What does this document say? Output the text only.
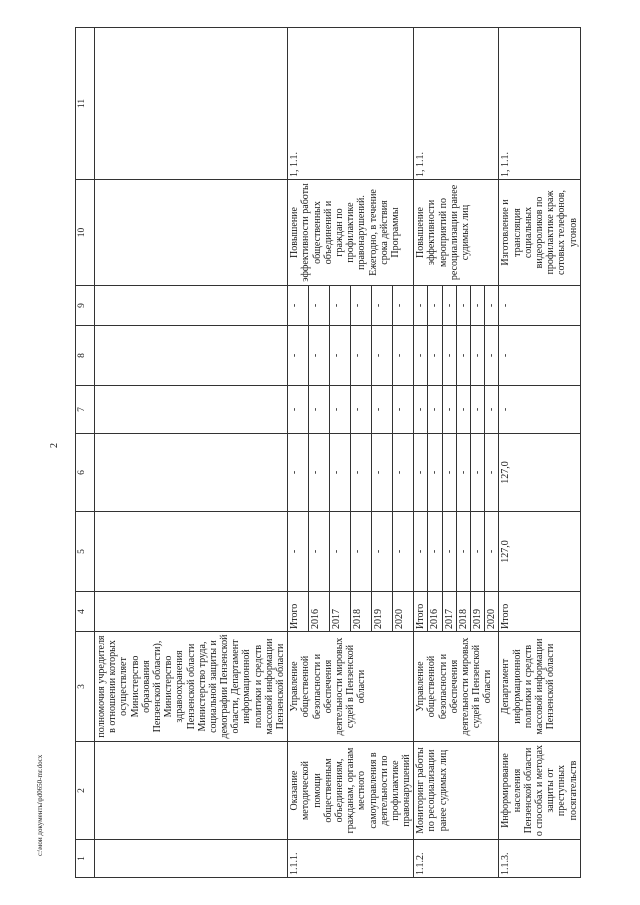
2
c:\мои документы\pd0650-mr.docx
1	2	3	4	5	6	7	8	9	10	11
		полномочия учредителя в отношении которых осуществляет Министерство образования Пензенской области), Министерство здравоохранения Пензенской области Министерство труда, социальной защиты и демографии Пензенской области, Департамент информационной политики и средств массовой информации Пензенской области								
1.1.1.	Оказание методической помощи общественным объединениям, гражданам, органам местного самоуправления в деятельности по профилактике правонарушений	Управление общественной безопасности и обеспечения деятельности мировых судей в Пензенской области	Итого	-	-	-	-	-	Повышение эффективности работы общественных объединений и граждан по профилактике правонарушений. Ежегодно, в течение срока действия Программы	1, 1.1.
			2016	-	-	-	-	-		
			2017	-	-	-	-	-		
			2018	-	-	-	-	-		
			2019	-	-	-	-	-		
			2020	-	-	-	-	-		
1.1.2.	Мониторинг работы по ресоциализации ранее судимых лиц	Управление общественной безопасности и обеспечения деятельности мировых судей в Пензенской области	Итого	-	-	-	-	-	Повышение эффективности мероприятий по ресоциализации ранее судимых лиц	1, 1.1.
			2016	-	-	-	-	-		
			2017	-	-	-	-	-		
			2018	-	-	-	-	-		
			2019	-	-	-	-	-		
			2020	-	-	-	-	-		
1.1.3.	Информирование населения Пензенской области о способах и методах защиты от преступных посягательств	Департамент информационной политики и средств массовой информации Пензенской области	Итого	127,0	127,0	-	-	-	Изготовление и трансляция социальных видеороликов по профилактике краж сотовых телефонов, угонов	1, 1.1.
